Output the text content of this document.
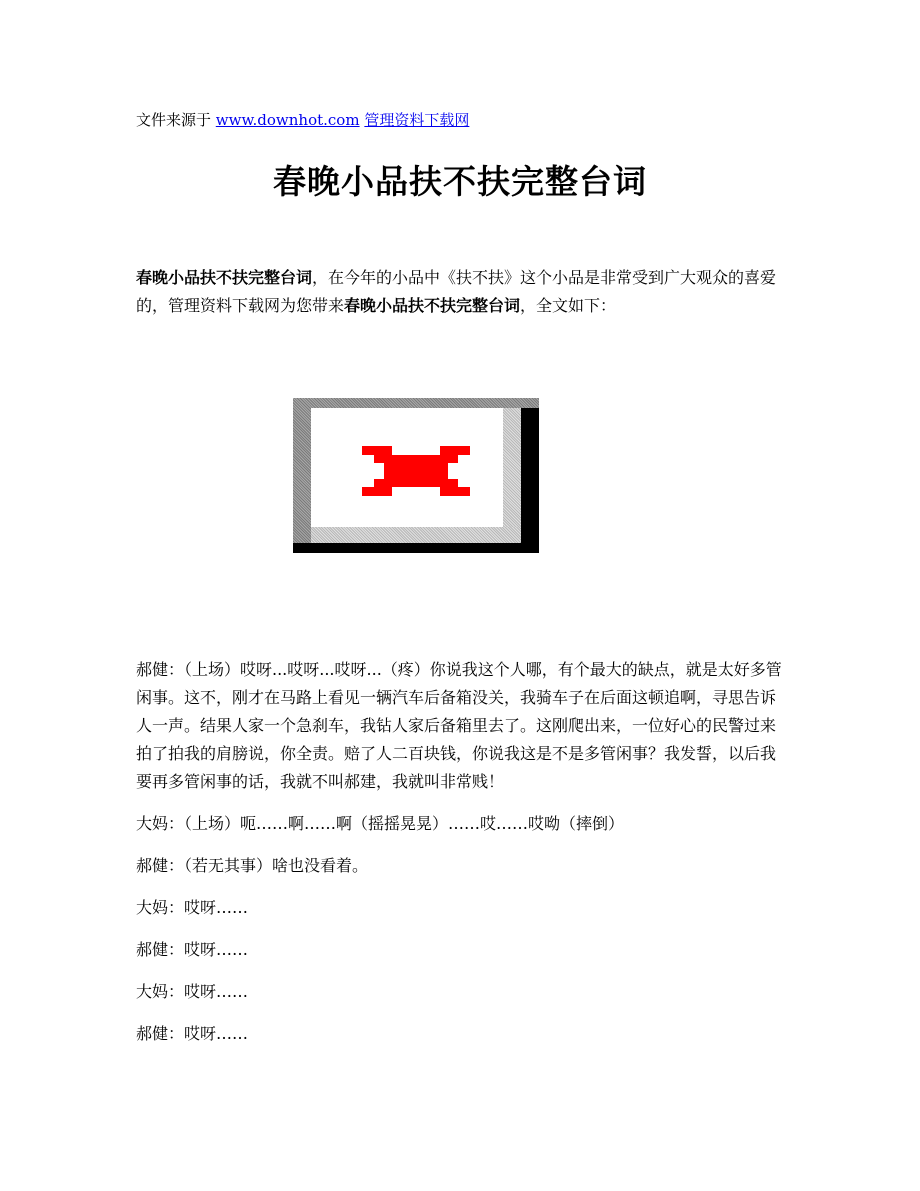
文件来源于 www.downhot.com 管理资料下载网
春晚小品扶不扶完整台词
春晚小品扶不扶完整台词，在今年的小品中《扶不扶》这个小品是非常受到广大观众的喜爱的，管理资料下载网为您带来春晚小品扶不扶完整台词，全文如下：

郝健：（上场）哎呀...哎呀...哎呀...（疼）你说我这个人哪，有个最大的缺点，就是太好多管闲事。这不，刚才在马路上看见一辆汽车后备箱没关，我骑车子在后面这顿追啊，寻思告诉人一声。结果人家一个急刹车，我钻人家后备箱里去了。这刚爬出来，一位好心的民警过来拍了拍我的肩膀说，你全责。赔了人二百块钱，你说我这是不是多管闲事？我发誓，以后我要再多管闲事的话，我就不叫郝建，我就叫非常贱！

大妈：（上场）呃……啊……啊（摇摇晃晃）……哎……哎呦（摔倒）

郝健：（若无其事）啥也没看着。

大妈：哎呀……

郝健：哎呀……

大妈：哎呀……

郝健：哎呀……
